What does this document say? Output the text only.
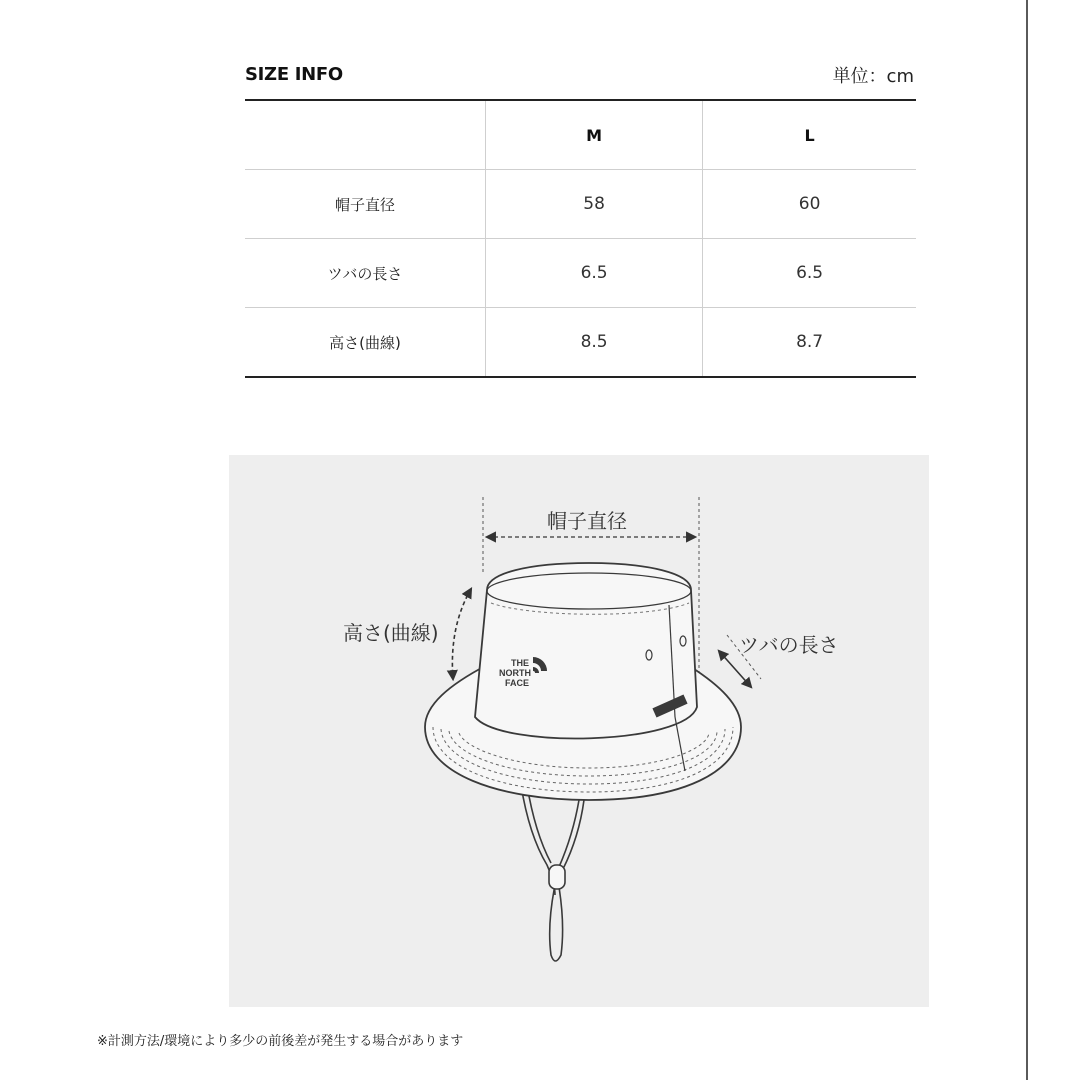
SIZE INFO	単位：cm
	M	L
帽子直径	58	60
ツバの長さ	6.5	6.5
高さ(曲線)	8.5	8.7
THE
NORTH
FACE
帽子直径
高さ(曲線)	ツバの長さ
※計測方法/環境により多少の前後差が発生する場合があります
